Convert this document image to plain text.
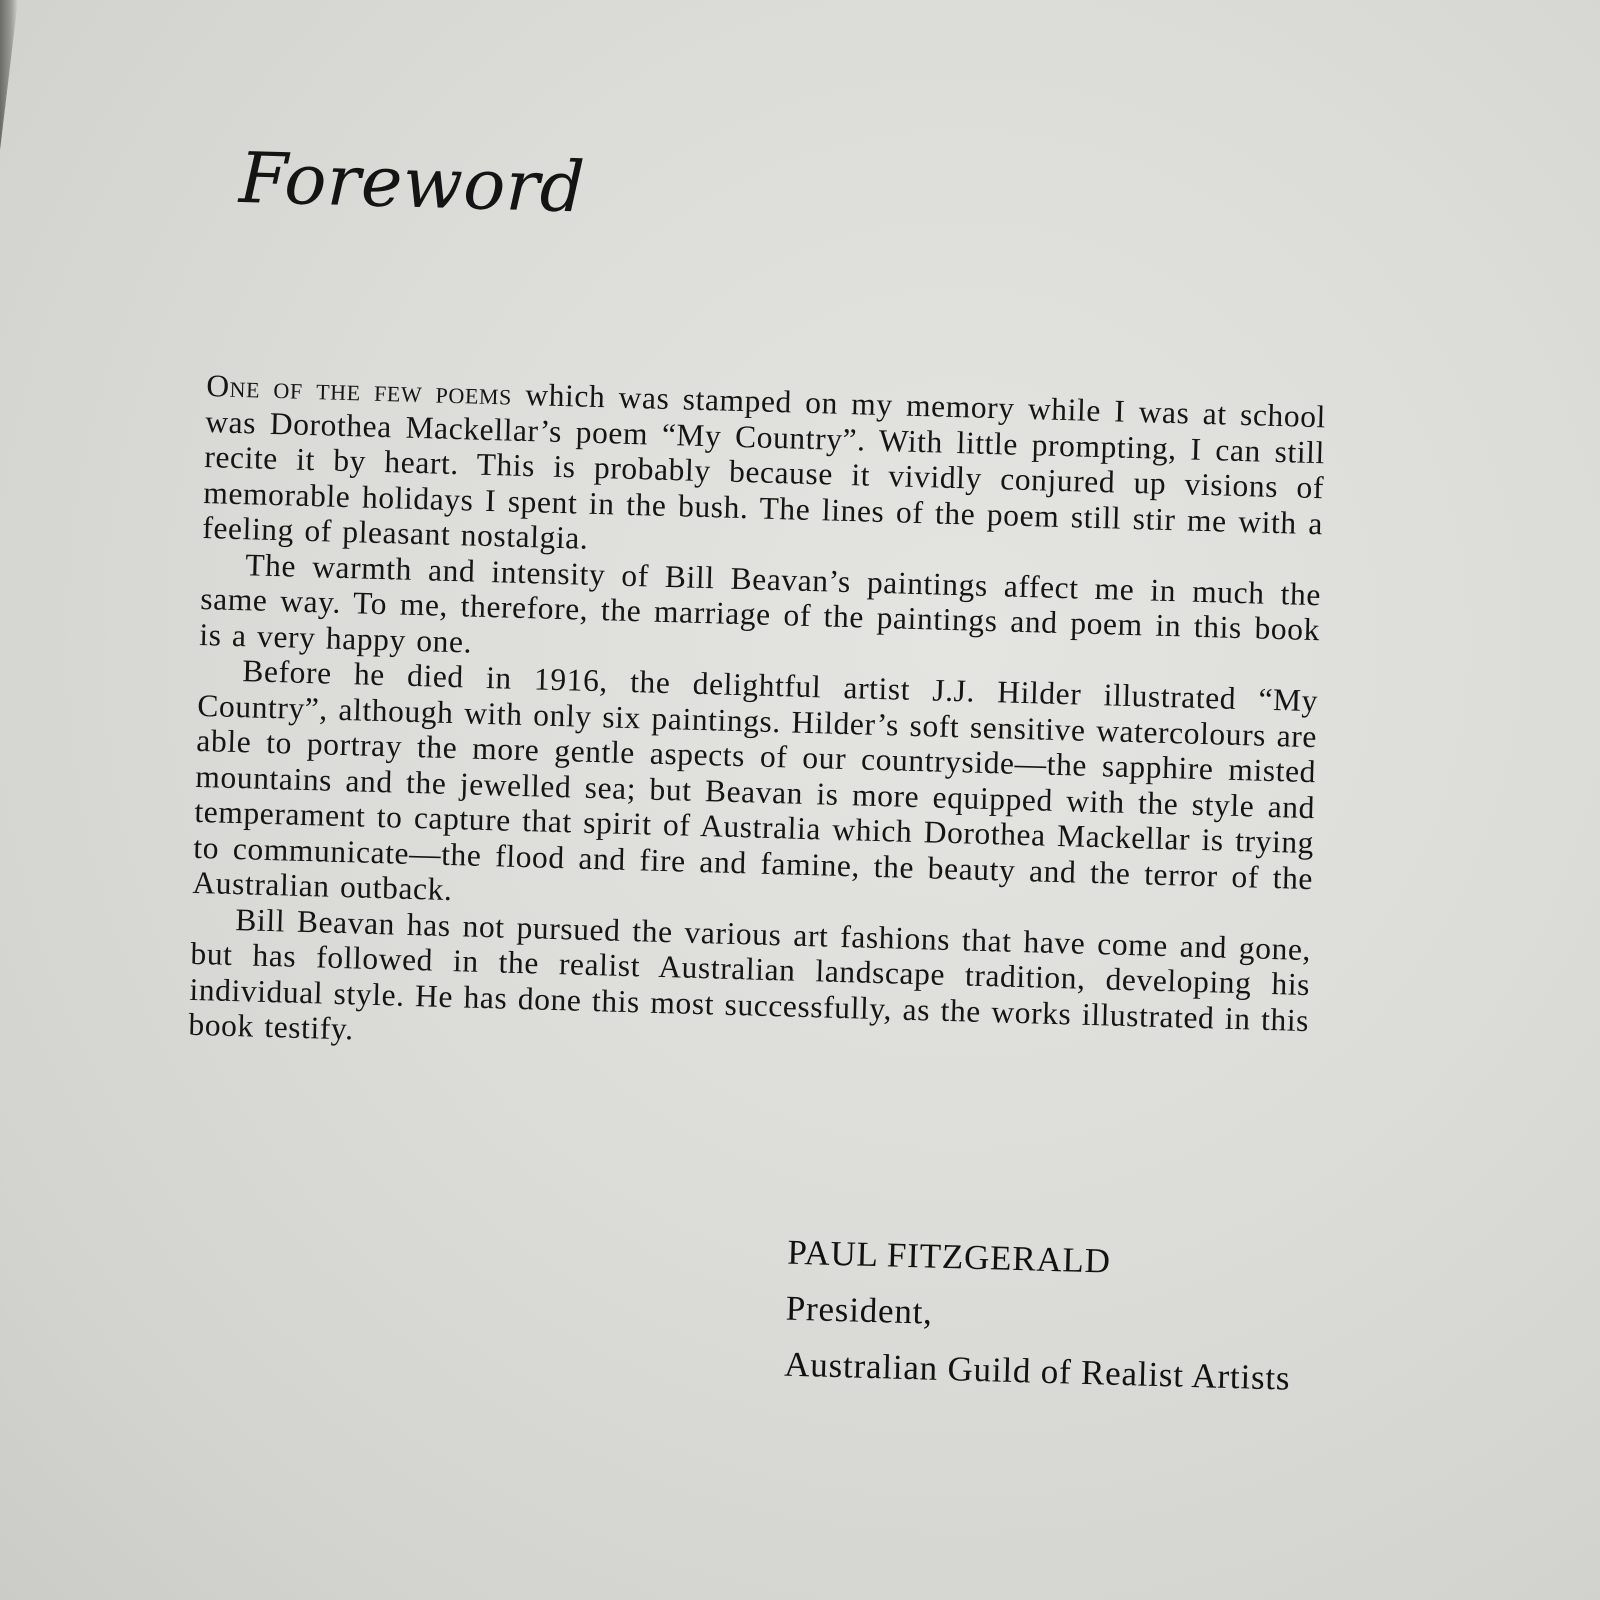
Foreword

One of the few poems which was stamped on my memory while I was at school was Dorothea Mackellar’s poem “My Country”. With little prompting, I can still recite it by heart. This is probably because it vividly conjured up visions of memorable holidays I spent in the bush. The lines of the poem still stir me with a feeling of pleasant nostalgia.

The warmth and intensity of Bill Beavan’s paintings affect me in much the same way. To me, therefore, the marriage of the paintings and poem in this book is a very happy one.

Before he died in 1916, the delightful artist J.J. Hilder illustrated “My Country”, although with only six paintings. Hilder’s soft sensitive watercolours are able to portray the more gentle aspects of our countryside—the sapphire misted mountains and the jewelled sea; but Beavan is more equipped with the style and temperament to capture that spirit of Australia which Dorothea Mackellar is trying to communicate—the flood and fire and famine, the beauty and the terror of the Australian outback.

Bill Beavan has not pursued the various art fashions that have come and gone, but has followed in the realist Australian landscape tradition, developing his individual style. He has done this most successfully, as the works illustrated in this book testify.

PAUL FITZGERALD
President,
Australian Guild of Realist Artists
